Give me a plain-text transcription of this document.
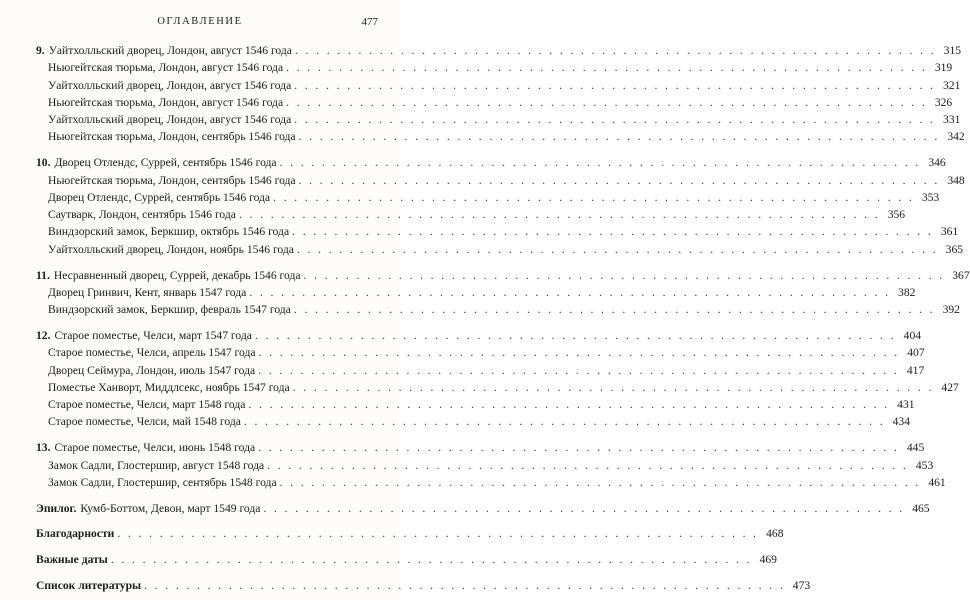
ОГЛАВЛЕНИЕ	477
9. Уайтхолльский дворец, Лондон, август 1546 года . . .	315
Ньюгейтская тюрьма, Лондон, август 1546 года . . .	319
Уайтхолльский дворец, Лондон, август 1546 года . . .	321
Ньюгейтская тюрьма, Лондон, август 1546 года . . .	326
Уайтхолльский дворец, Лондон, август 1546 года . . .	331
Ньюгейтская тюрьма, Лондон, сентябрь 1546 года . . .	342
10. Дворец Отлендс, Суррей, сентябрь 1546 года . . .	346
Ньюгейтская тюрьма, Лондон, сентябрь 1546 года . . .	348
Дворец Отлендс, Суррей, сентябрь 1546 года . . .	353
Саутварк, Лондон, сентябрь 1546 года . . .	356
Виндзорский замок, Беркшир, октябрь 1546 года . . .	361
Уайтхолльский дворец, Лондон, ноябрь 1546 года . . .	365
11. Несравненный дворец, Суррей, декабрь 1546 года . . .	367
Дворец Гринвич, Кент, январь 1547 года . . .	382
Виндзорский замок, Беркшир, февраль 1547 года . . .	392
12. Старое поместье, Челси, март 1547 года . . .	404
Старое поместье, Челси, апрель 1547 года . . .	407
Дворец Сеймура, Лондон, июль 1547 года . . .	417
Поместье Ханворт, Миддлсекс, ноябрь 1547 года . . .	427
Старое поместье, Челси, март 1548 года . . .	431
Старое поместье, Челси, май 1548 года . . .	434
13. Старое поместье, Челси, июнь 1548 года . . .	445
Замок Садли, Глостершир, август 1548 года . . .	453
Замок Садли, Глостершир, сентябрь 1548 года . . .	461
Эпилог. Кумб-Боттом, Девон, март 1549 года . . .	465
Благодарности . . .	468
Важные даты . . .	469
Список литературы . . .	473
